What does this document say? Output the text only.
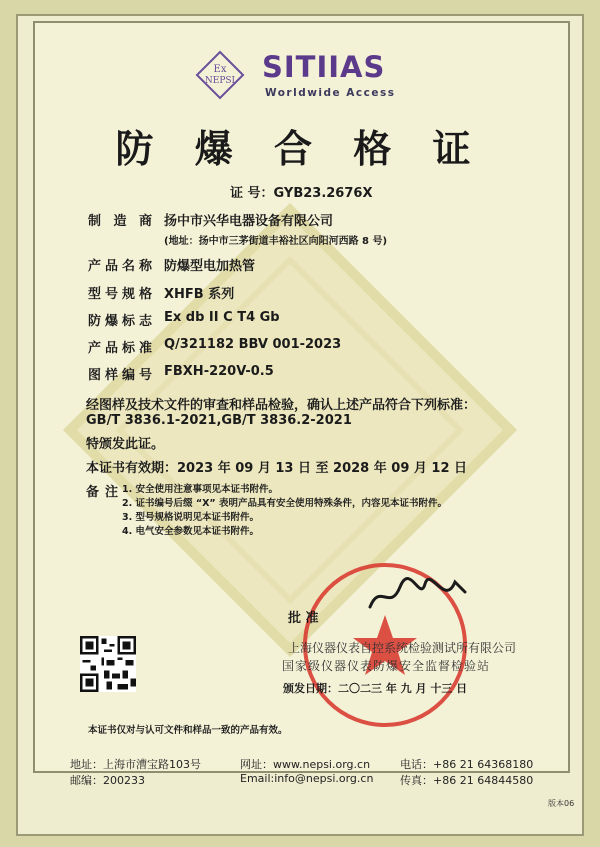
Ex
NEPSI SITIIAS
Worldwide Access
防 爆 合 格 证
证 号：GYB23.2676X
制 造 商 扬中市兴华电器设备有限公司
(地址：扬中市三茅街道丰裕社区向阳河西路 8 号)
产品名称 防爆型电加热管
型号规格 XHFB 系列
防爆标志 Ex db II C T4 Gb
产品标准 Q/321182 BBV 001-2023
图样编号 FBXH-220V-0.5
经图样及技术文件的审查和样品检验，确认上述产品符合下列标准：
GB/T 3836.1-2021,GB/T 3836.2-2021
特颁发此证。
本证书有效期：2023 年 09 月 13 日 至 2028 年 09 月 12 日
备注
1. 安全使用注意事项见本证书附件。
2. 证书编号后缀 “X” 表明产品具有安全使用特殊条件，内容见本证书附件。
3. 型号规格说明见本证书附件。
4. 电气安全参数见本证书附件。
批 准
上海仪器仪表自控系统检验测试所有限公司
国家级仪器仪表防爆安全监督检验站
颁发日期：二〇二三 年 九 月 十三 日
本证书仅对与认可文件和样品一致的产品有效。
地址：上海市漕宝路103号
邮编：200233
网址：www.nepsi.org.cn
Email:info@nepsi.org.cn
电话：+86 21 64368180
传真：+86 21 64844580
版本06
